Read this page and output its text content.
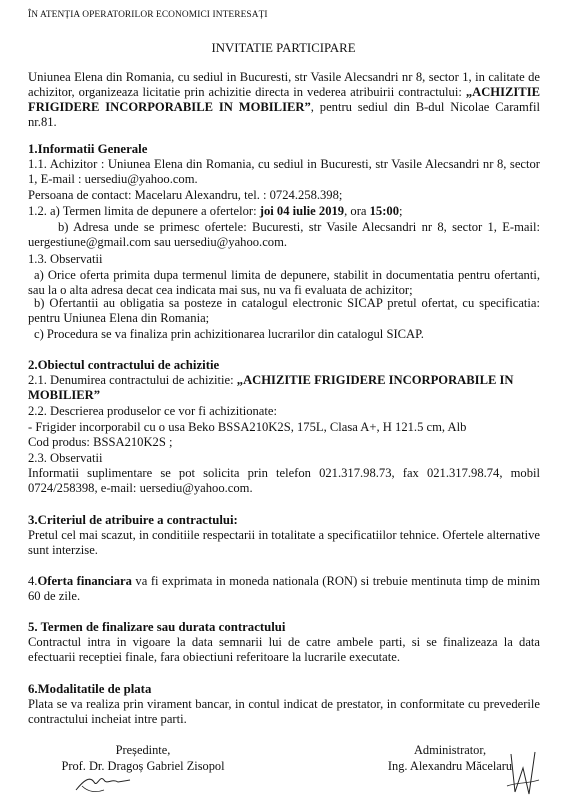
ÎN ATENȚIA OPERATORILOR ECONOMICI INTERESAȚI
INVITATIE PARTICIPARE

Uniunea Elena din Romania, cu sediul in Bucuresti, str Vasile Alecsandri nr 8, sector 1, in calitate de achizitor, organizeaza licitatie prin achizitie directa in vederea atribuirii contractului: „ACHIZITIE FRIGIDERE INCORPORABILE IN MOBILIER”, pentru sediul din B-dul Nicolae Caramfil nr.81.

1.Informatii Generale

1.1. Achizitor : Uniunea Elena din Romania, cu sediul in Bucuresti, str Vasile Alecsandri nr 8, sector 1, E-mail : uersediu@yahoo.com.

Persoana de contact: Macelaru Alexandru, tel. : 0724.258.398;

1.2. a) Termen limita de depunere a ofertelor: joi 04 iulie 2019, ora 15:00;

b) Adresa unde se primesc ofertele: Bucuresti, str Vasile Alecsandri nr 8, sector 1, E-mail: uergestiune@gmail.com sau uersediu@yahoo.com.

1.3. Observatii

a) Orice oferta primita dupa termenul limita de depunere, stabilit in documentatia pentru ofertanti, sau la o alta adresa decat cea indicata mai sus, nu va fi evaluata de achizitor;

b) Ofertantii au obligatia sa posteze in catalogul electronic SICAP pretul ofertat, cu specificatia: pentru Uniunea Elena din Romania;

c) Procedura se va finaliza prin achizitionarea lucrarilor din catalogul SICAP.

2.Obiectul contractului de achizitie

2.1. Denumirea contractului de achizitie: „ACHIZITIE FRIGIDERE INCORPORABILE IN MOBILIER”

2.2. Descrierea produselor ce vor fi achizitionate:

- Frigider incorporabil cu o usa Beko BSSA210K2S, 175L, Clasa A+, H 121.5 cm, Alb

Cod produs: BSSA210K2S ;

2.3. Observatii

Informatii suplimentare se pot solicita prin telefon 021.317.98.73, fax 021.317.98.74, mobil 0724/258398, e-mail: uersediu@yahoo.com.

3.Criteriul de atribuire a contractului:

Pretul cel mai scazut, in conditiile respectarii in totalitate a specificatiilor tehnice. Ofertele alternative sunt interzise.

4.Oferta financiara va fi exprimata in moneda nationala (RON) si trebuie mentinuta timp de minim 60 de zile.

5. Termen de finalizare sau durata contractului

Contractul intra in vigoare la data semnarii lui de catre ambele parti, si se finalizeaza la data efectuarii receptiei finale, fara obiectiuni referitoare la lucrarile executate.

6.Modalitatile de plata

Plata se va realiza prin virament bancar, in contul indicat de prestator, in conformitate cu prevederile contractului incheiat intre parti.

Președinte,
Prof. Dr. Dragoș Gabriel Zisopol
Administrator,
Ing. Alexandru Măcelaru
